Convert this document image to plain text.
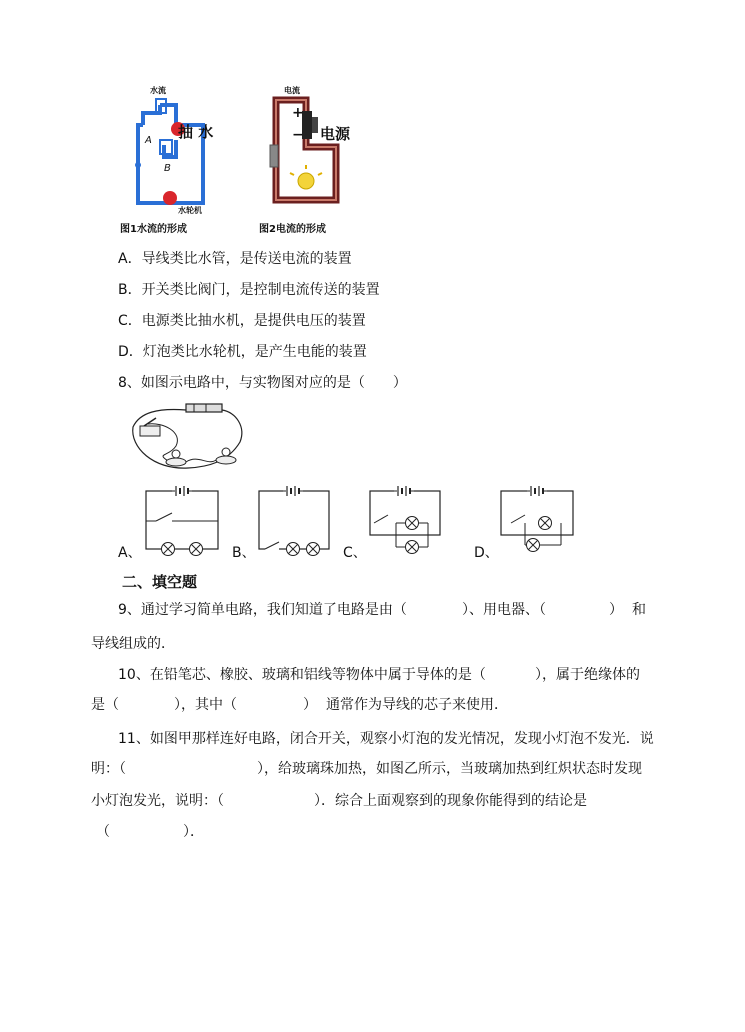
水流
抽 水
A
B
水轮机
图1水流的形成
电流
+
− 电源
图2电流的形成
A．导线类比水管，是传送电流的装置
B．开关类比阀门，是控制电流传送的装置
C．电源类比抽水机，是提供电压的装置
D．灯泡类比水轮机，是产生电能的装置
8、如图示电路中，与实物图对应的是（　　）
A、	B、	C、	D、
二、填空题
9、通过学习简单电路，我们知道了电路是由（	）、用电器、（	） 和
导线组成的．
10、在铅笔芯、橡胶、玻璃和铝线等物体中属于导体的是（	），属于绝缘体的
是（	），其中（	） 通常作为导线的芯子来使用．
11、如图甲那样连好电路，闭合开关，观察小灯泡的发光情况，发现小灯泡不发光．说
明：（	），给玻璃珠加热，如图乙所示，当玻璃加热到红炽状态时发现
小灯泡发光，说明：（	）．综合上面观察到的现象你能得到的结论是
（	）．
